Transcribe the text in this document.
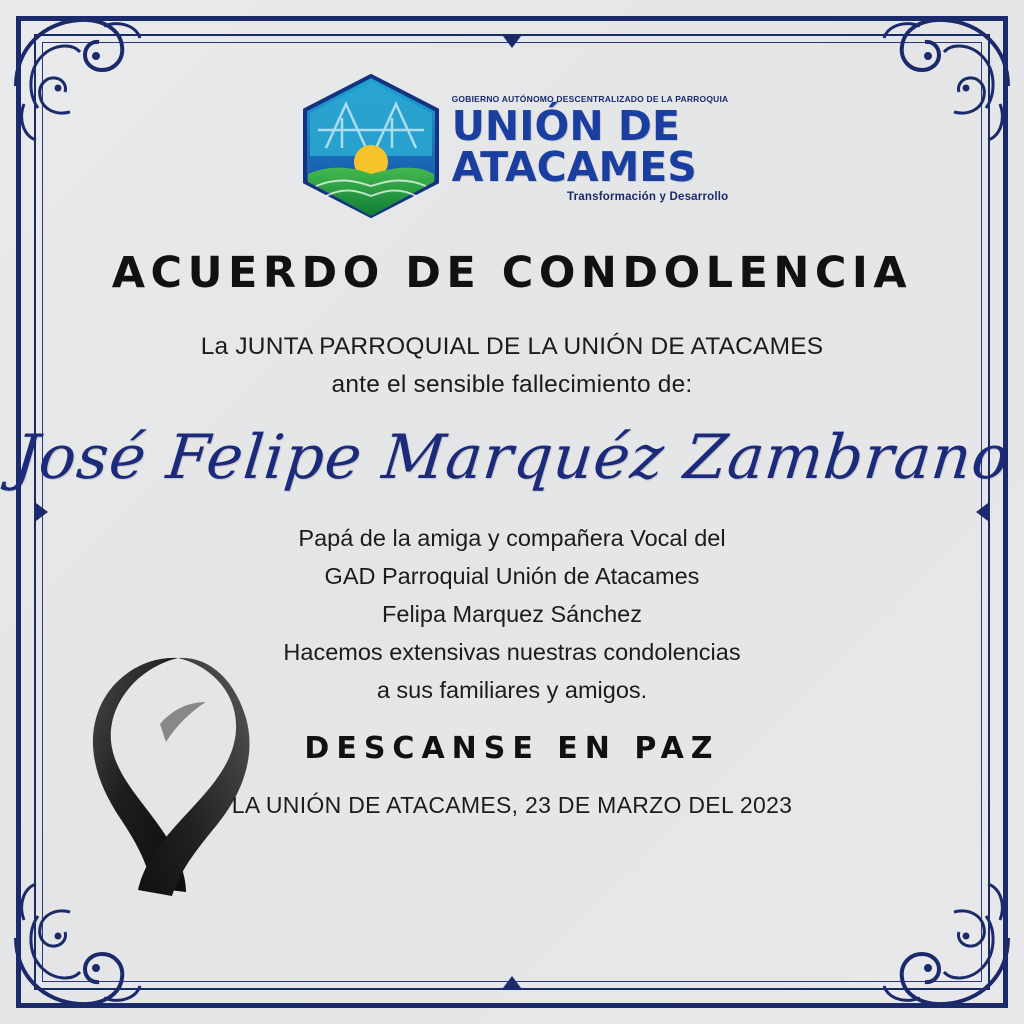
GOBIERNO AUTÓNOMO DESCENTRALIZADO DE LA PARROQUIA
UNIÓN DE
ATACAMES
Transformación y Desarrollo
ACUERDO DE CONDOLENCIA
La JUNTA PARROQUIAL DE LA UNIÓN DE ATACAMES
ante el sensible fallecimiento de:
José Felipe Marquéz Zambrano
Papá de la amiga y compañera Vocal del
GAD Parroquial Unión de Atacames
Felipa Marquez Sánchez
Hacemos extensivas nuestras condolencias
a sus familiares y amigos.
DESCANSE EN PAZ
LA UNIÓN DE ATACAMES, 23 DE MARZO DEL 2023
